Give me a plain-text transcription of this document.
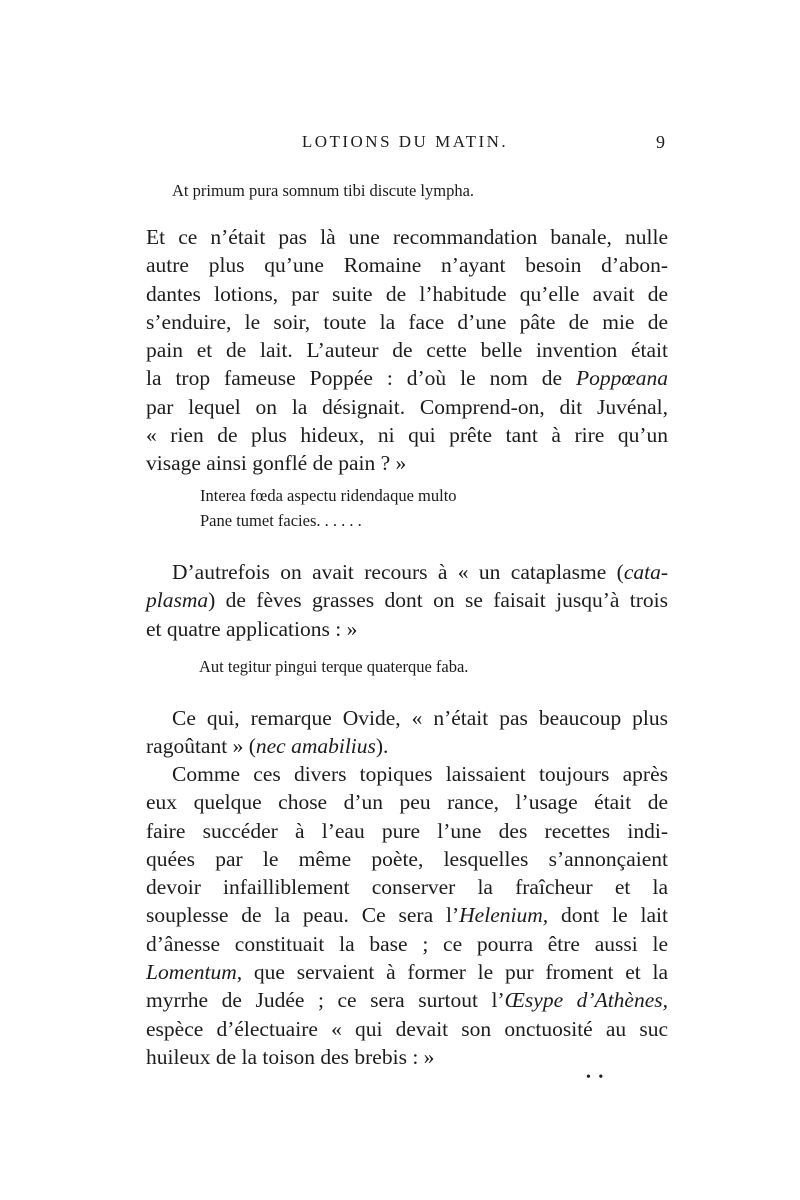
LOTIONS DU MATIN.	9
At primum pura somnum tibi discute lympha.
Et ce n’était pas là une recommandation banale, nulle
autre plus qu’une Romaine n’ayant besoin d’abon-
dantes lotions, par suite de l’habitude qu’elle avait de
s’enduire, le soir, toute la face d’une pâte de mie de
pain et de lait. L’auteur de cette belle invention était
la trop fameuse Poppée : d’où le nom de Poppœana
par lequel on la désignait. Comprend-on, dit Juvénal,
« rien de plus hideux, ni qui prête tant à rire qu’un
visage ainsi gonflé de pain ? »
Interea fœda aspectu ridendaque multo
Pane tumet facies. . . . . .
D’autrefois on avait recours à « un cataplasme (cata-
plasma) de fèves grasses dont on se faisait jusqu’à trois
et quatre applications : »
Aut tegitur pingui terque quaterque faba.
Ce qui, remarque Ovide, « n’était pas beaucoup plus
ragoûtant » (nec amabilius).
Comme ces divers topiques laissaient toujours après
eux quelque chose d’un peu rance, l’usage était de
faire succéder à l’eau pure l’une des recettes indi-
quées par le même poète, lesquelles s’annonçaient
devoir infailliblement conserver la fraîcheur et la
souplesse de la peau. Ce sera l’Helenium, dont le lait
d’ânesse constituait la base ; ce pourra être aussi le
Lomentum, que servaient à former le pur froment et la
myrrhe de Judée ; ce sera surtout l’Œsype d’Athènes,
espèce d’électuaire « qui devait son onctuosité au suc
huileux de la toison des brebis : »
• •
